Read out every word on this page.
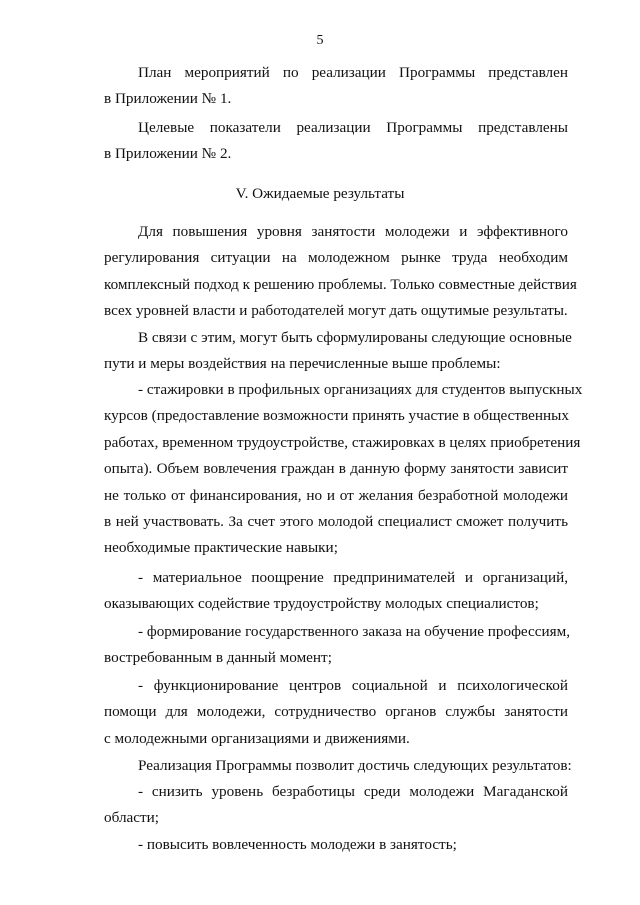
5
План мероприятий по реализации Программы представлен
в Приложении № 1.
Целевые показатели реализации Программы представлены
в Приложении № 2.
V. Ожидаемые результаты
Для повышения уровня занятости молодежи и эффективного
регулирования ситуации на молодежном рынке труда необходим
комплексный подход к решению проблемы. Только совместные действия
всех уровней власти и работодателей могут дать ощутимые результаты.
В связи с этим, могут быть сформулированы следующие основные
пути и меры воздействия на перечисленные выше проблемы:
- стажировки в профильных организациях для студентов выпускных
курсов (предоставление возможности принять участие в общественных
работах, временном трудоустройстве, стажировках в целях приобретения
опыта). Объем вовлечения граждан в данную форму занятости зависит
не только от финансирования, но и от желания безработной молодежи
в ней участвовать. За счет этого молодой специалист сможет получить
необходимые практические навыки;
- материальное поощрение предпринимателей и организаций,
оказывающих содействие трудоустройству молодых специалистов;
- формирование государственного заказа на обучение профессиям,
востребованным в данный момент;
- функционирование центров социальной и психологической
помощи для молодежи, сотрудничество органов службы занятости
с молодежными организациями и движениями.
Реализация Программы позволит достичь следующих результатов:
- снизить уровень безработицы среди молодежи Магаданской
области;
- повысить вовлеченность молодежи в занятость;
